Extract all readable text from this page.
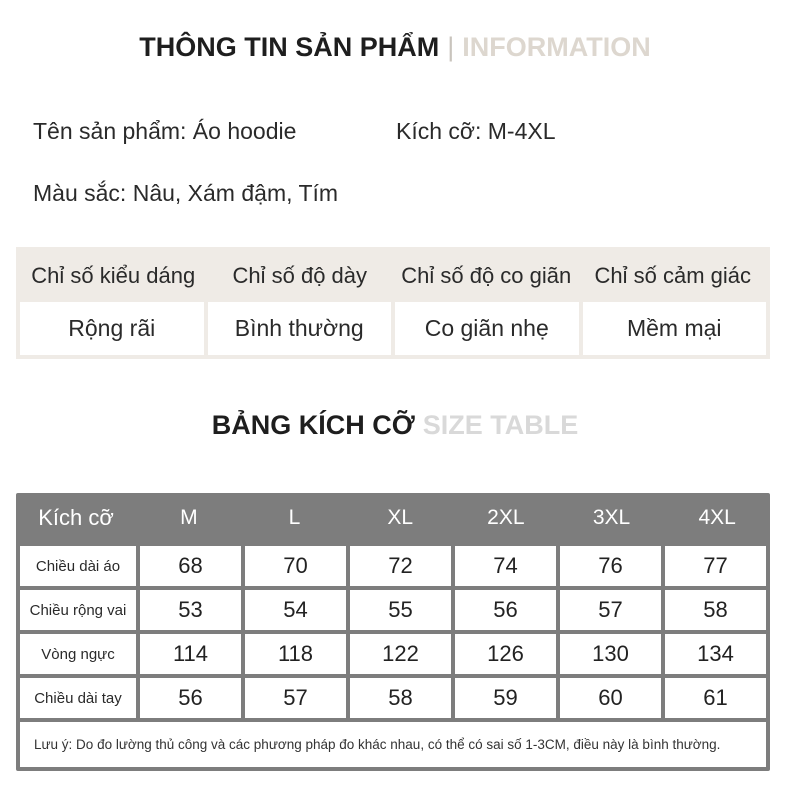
THÔNG TIN SẢN PHẨM | INFORMATION
Tên sản phẩm: Áo hoodie	Kích cỡ: M-4XL
Màu sắc: Nâu, Xám đậm, Tím
Chỉ số kiểu dáng	Chỉ số độ dày	Chỉ số độ co giãn	Chỉ số cảm giác
Rộng rãi	Bình thường	Co giãn nhẹ	Mềm mại
BẢNG KÍCH CỠ SIZE TABLE
Kích cỡ	M	L	XL	2XL	3XL	4XL
Chiều dài áo	68	70	72	74	76	77
Chiều rộng vai	53	54	55	56	57	58
Vòng ngực	114	118	122	126	130	134
Chiều dài tay	56	57	58	59	60	61
Lưu ý: Do đo lường thủ công và các phương pháp đo khác nhau, có thể có sai số 1-3CM, điều này là bình thường.
